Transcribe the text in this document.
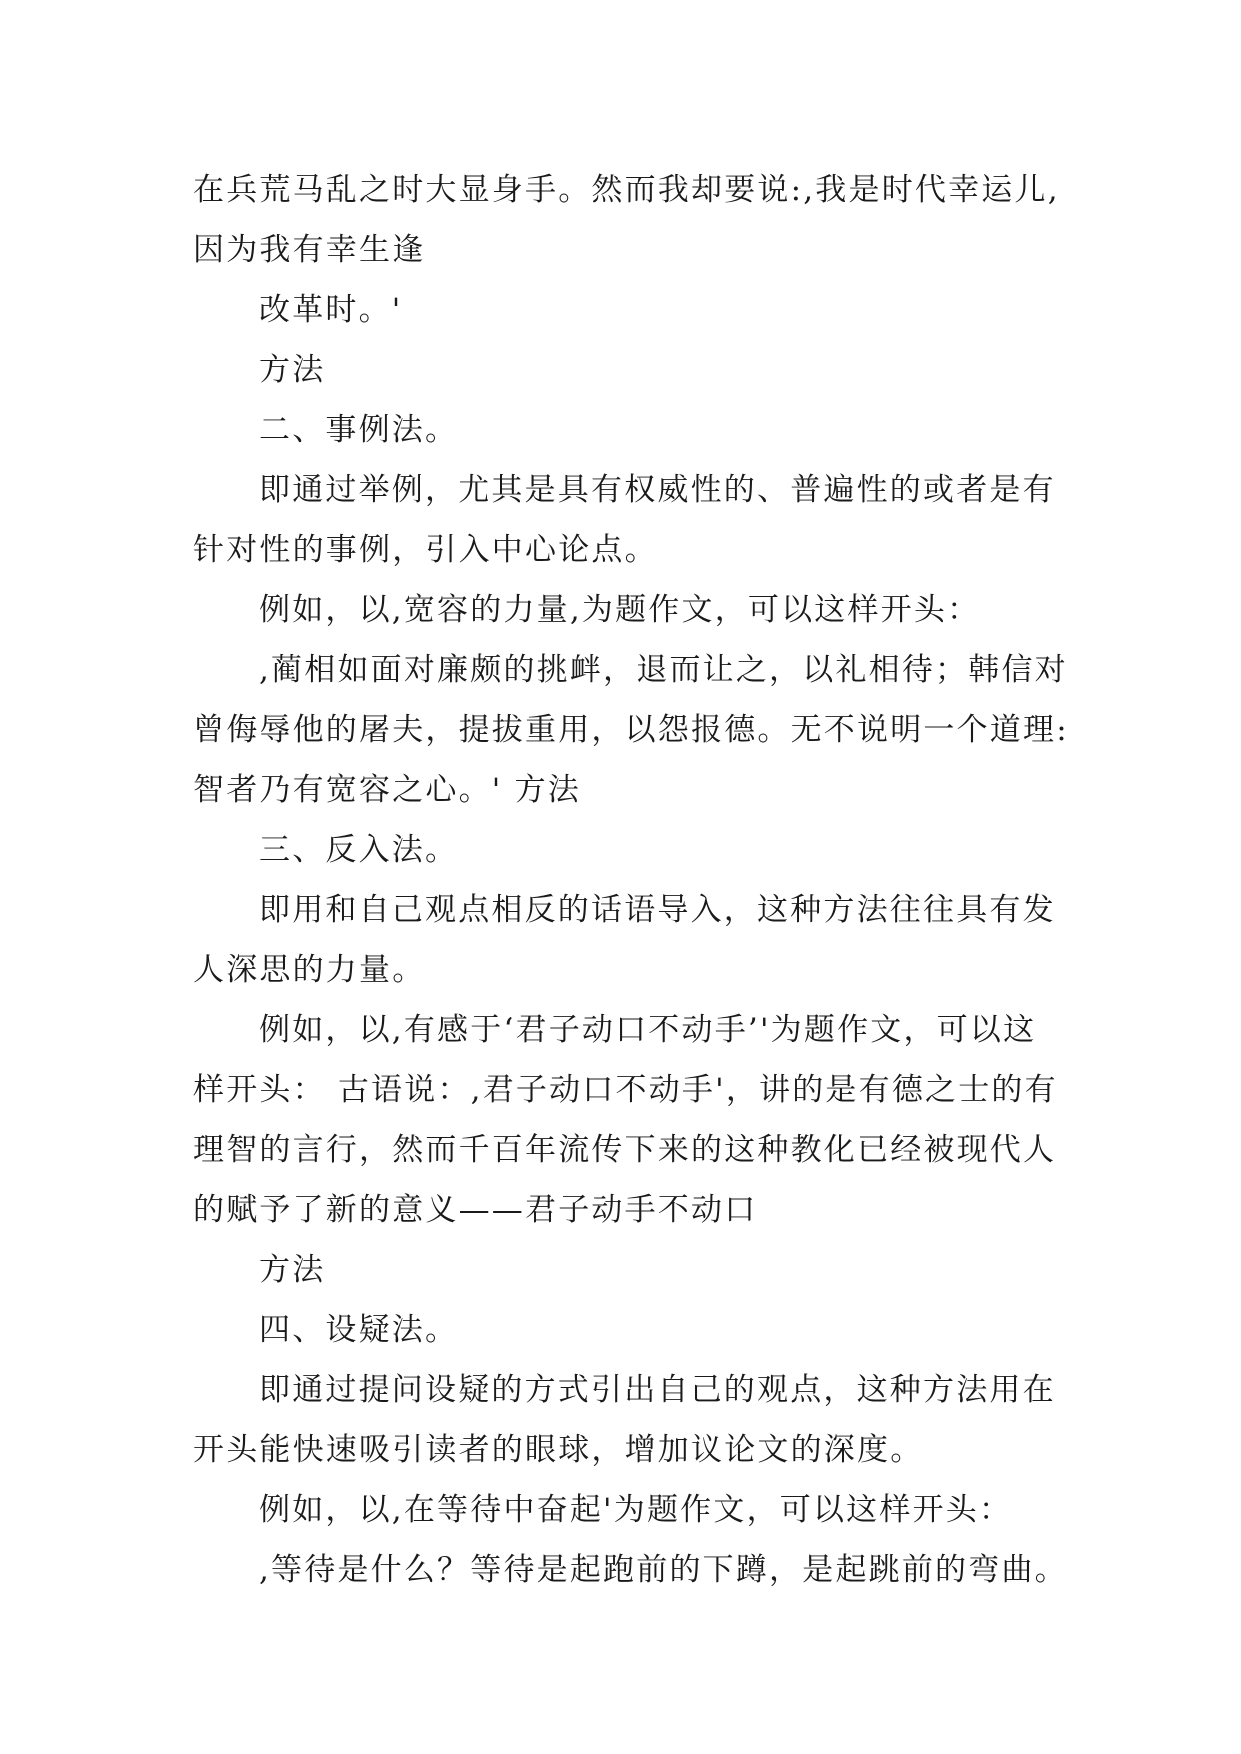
在兵荒马乱之时大显身手。然而我却要说:,我是时代幸运儿,
因为我有幸生逢
改革时。'
方法
二、事例法。
即通过举例，尤其是具有权威性的、普遍性的或者是有
针对性的事例，引入中心论点。
例如，以,宽容的力量,为题作文，可以这样开头：
,蔺相如面对廉颇的挑衅，退而让之，以礼相待；韩信对
曾侮辱他的屠夫，提拔重用，以怨报德。无不说明一个道理:
智者乃有宽容之心。' 方法
三、反入法。
即用和自己观点相反的话语导入，这种方法往往具有发
人深思的力量。
例如，以,有感于‘君子动口不动手’'为题作文，可以这
样开头： 古语说：,君子动口不动手'，讲的是有德之士的有
理智的言行，然而千百年流传下来的这种教化已经被现代人
的赋予了新的意义——君子动手不动口
方法
四、设疑法。
即通过提问设疑的方式引出自己的观点，这种方法用在
开头能快速吸引读者的眼球，增加议论文的深度。
例如，以,在等待中奋起'为题作文，可以这样开头：
,等待是什么？等待是起跑前的下蹲，是起跳前的弯曲。
